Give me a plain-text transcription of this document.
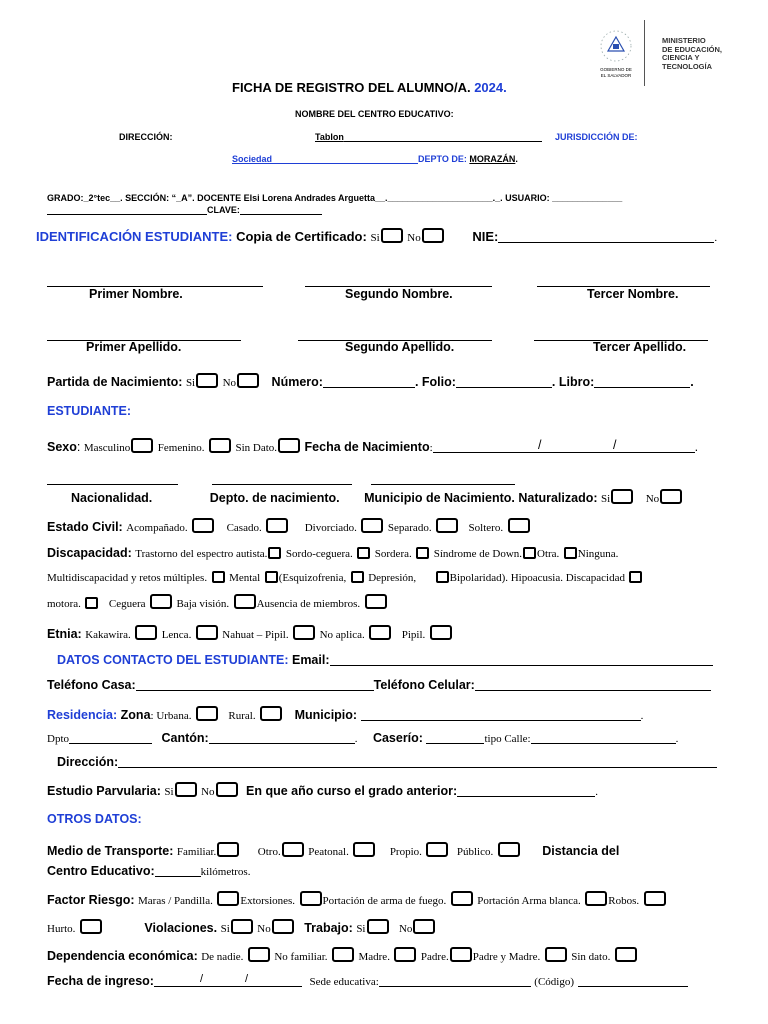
GOBIERNO DE
EL SALVADOR
MINISTERIO
DE EDUCACIÓN,
CIENCIA Y
TECNOLOGÍA
FICHA DE REGISTRO DEL ALUMNO/A. 2024.
NOMBRE DEL CENTRO EDUCATIVO:
DIRECCIÓN:	Tablon	JURISDICCIÓN DE:
Sociedad	DEPTO DE: MORAZÁN.
GRADO:_2°tec__. SECCIÓN: “_A”. DOCENTE Elsi Lorena Andrades Arguetta__._____________________._. USUARIO: ______________
CLAVE:
IDENTIFICACIÓN ESTUDIANTE: Copia de Certificado: Si	No	NIE:	.
Primer Nombre.	Segundo Nombre.	Tercer Nombre.
Primer Apellido.	Segundo Apellido.	Tercer Apellido.
Partida de Nacimiento: Si No	Número:	. Folio:	. Libro:	.
ESTUDIANTE:
Sexo: Masculino Femenino.	Sin Dato. Fecha de Nacimiento:	.
/	/
Nacionalidad.	Depto. de nacimiento. Municipio de Nacimiento. Naturalizado: Si	No
Estado Civil: Acompañado.	Casado.	Divorciado.	Separado.	Soltero.
Discapacidad: Trastorno del espectro autista. Sordo-ceguera. Sordera. Síndrome de Down. Otra. Ninguna.
Multidiscapacidad y retos múltiples. Mental (Esquizofrenia, Depresión,	Bipolaridad). Hipoacusia. Discapacidad
motora.	Ceguera	Baja visión. Ausencia de miembros.
Etnia: Kakawira.	Lenca.	Nahuat – Pipil.	No aplica.	Pipil.
DATOS CONTACTO DEL ESTUDIANTE: Email:
Teléfono Casa:	Teléfono Celular:
Residencia: Zona: Urbana.	Rural.	Municipio:	.
Dpto	Cantón:	. Caserío:	tipo Calle:	.
Dirección:
Estudio Parvularia: Si No	En que año curso el grado anterior:	.
OTROS DATOS:
Medio de Transporte: Familiar.	Otro. Peatonal.	Propio.	Público.	Distancia del
Centro Educativo:	kilómetros.
Factor Riesgo: Maras / Pandilla. Extorsiones. Portación de arma de fuego.	Portación Arma blanca. Robos.
Hurto.	Violaciones. Si No	Trabajo: Si	No
Dependencia económica: De nadie.	No familiar.	Madre.	Padre. Padre y Madre.	Sin dato.
Fecha de ingreso:	Sede educativa:	(Código)
/	/
